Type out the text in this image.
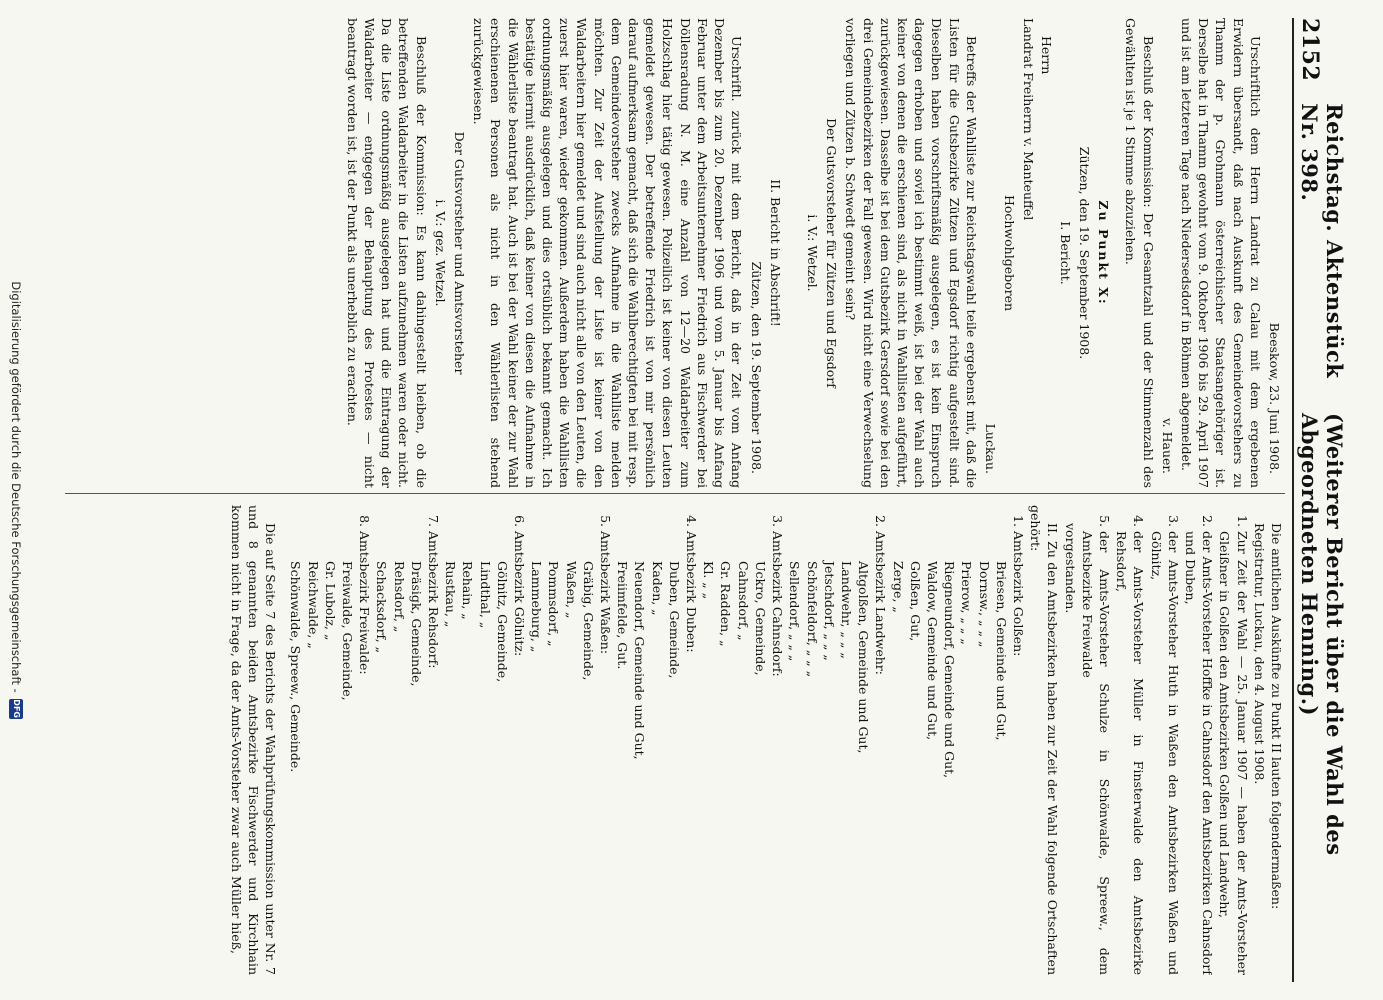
2152
Reichstag. Aktenstück Nr. 398.
(Weiterer Bericht über die Wahl des Abgeordneten Henning.)
Beeskow, 23. Juni 1908.
Urschriftlich dem Herrn Landrat zu Calau mit dem ergebenen Erwidern übersandt, daß nach Auskunft des Gemeindevorstehers zu Thamm der p. Grohmann österreichischer Staatsangehöriger ist. Derselbe hat in Thamm gewohnt vom 9. Oktober 1906 bis 29. April 1907 und ist am letzteren Tage nach Niedersedsdorf in Böhmen abgemeldet.
v. Hauer.
Beschluß der Kommission: Der Gesamtzahl und der Stimmenzahl des Gewählten ist je 1 Stimme abzuziehen.
Zu Punkt X:
Zützen, den 19. September 1908.
I. Bericht.
Herrn
Landrat Freiherrn v. Manteuffel
Hochwohlgeboren
Luckau.
Betreffs der Wahlliste zur Reichstagswahl teile ergebenst mit, daß die Listen für die Gutsbezirke Zützen und Egsdorf richtig aufgestellt sind. Dieselben haben vorschriftsmäßig ausgelegen, es ist kein Einspruch dagegen erhoben und soviel ich bestimmt weiß, ist bei der Wahl auch keiner von denen die erschienen sind, als nicht in Wahllisten aufgeführt, zurückgewiesen. Dasselbe ist bei dem Gutsbezirk Gersdorf sowie bei den drei Gemeindebezirken der Fall gewesen. Wird nicht eine Verwechselung vorliegen und Zützen b. Schwedt gemeint sein?
Der Gutsvorsteher für Zützen und Egsdorf
i. V.: Wetzel.
II. Bericht in Abschrift!
Zützen, den 19. September 1908.
Urschriftl. zurück mit dem Bericht, daß in der Zeit vom Anfang Dezember bis zum 20. Dezember 1906 und vom 5. Januar bis Anfang Februar unter dem Arbeitsunternehmer Friedrich aus Fischwerder bei Döllensradung N. M. eine Anzahl von 12—20 Waldarbeiter zum Holzschlag hier tätig gewesen. Polizeilich ist keiner von diesen Leuten gemeldet gewesen. Der betreffende Friedrich ist von mir persönlich darauf aufmerksam gemacht, daß sich die Wahlberechtigten bei mit resp. dem Gemeindevorsteher zwecks Aufnahme in die Wahlliste melden möchten. Zur Zeit der Aufstellung der Liste ist keiner von den Waldarbeitern hier gemeldet und sind auch nicht alle von den Leuten, die zuerst hier waren, wieder gekommen. Außerdem haben die Wahllisten ordnungsmäßig ausgelegen und dies ortsüblich bekannt gemacht. Ich bestätige hiermit ausdrücklich, daß keiner von diesen die Aufnahme in die Wählerliste beantragt hat. Auch ist bei der Wahl keiner der zur Wahl erschienenen Personen als nicht in den Wählerlisten stehend zurückgewiesen.
Der Gutsvorsteher und Amtsvorsteher
i. V.: gez. Wetzel.
Beschluß der Kommission: Es kann dahingestellt bleiben, ob die betreffenden Waldarbeiter in die Listen aufzunehmen waren oder nicht. Da die Liste ordnungsmäßig ausgelegen hat und die Eintragung der Waldarbeiter — entgegen der Behauptung des Protestes — nicht beantragt worden ist, ist der Punkt als unerheblich zu erachten.

Die amtlichen Auskünfte zu Punkt II lauten folgendermaßen:

Registratur, Luckau, den 4. August 1908.

1. Zur Zeit der Wahl — 25. Januar 1907 — haben der Amts-Vorsteher Gleißner in Golßen den Amtsbezirken Golßen und Landwehr,
2. der Amts-Vorsteher Hoffke in Cahnsdorf den Amtsbezirken Cahnsdorf und Duben,
3. der Amts-Vorsteher Huth in Waßen den Amtsbezirken Waßen und Gölnitz,
4. der Amts-Vorsteher Müller in Finsterwalde den Amtsbezirke Rehsdorf,
5. der Amts-Vorsteher Schulze in Schönwalde, Spreew., dem Amtsbezirke Freiwalde
vorgestanden.

II. Zu den Amtsbezirken haben zur Zeit der Wahl folgende Ortschaften gehört:

1. Amtsbezirk Golßen:
Briesen, Gemeinde und Gut,
Dornsw., „ „ „
Prierow, „ „ „
Riegneundorf, Gemeinde und Gut,
Waldow, Gemeinde und Gut,
Golßen, Gut,
Zerge, „
2. Amtsbezirk Landwehr:
Altgolßen, Gemeinde und Gut,
Landwehr, „ „ „
Jetschdorf, „ „ „
Schönfeldorf, „ „ „
Sellendorf, „ „ „
3. Amtsbezirk Cahnsdorf:
Uckro, Gemeinde,
Cahnsdorf, „
Gr. Radden, „
Kl. „ „
4. Amtsbezirk Duben:
Duben, Gemeinde,
Kaden, „
Neuendorf, Gemeinde und Gut,
Freiimfelde, Gut.
5. Amtsbezirk Waßen:
Gräbig, Gemeinde,
Waßen, „
Pommsdorf, „
Lammeburg, „
6. Amtsbezirk Gölnitz:
Gölnitz, Gemeinde,
Lindthal, „
Rehain, „
Rustkau, „
7. Amtsbezirk Rehsdorf:
Dräsigk, Gemeinde,
Rehsdorf, „
Schacksdorf, „
8. Amtsbezirk Freiwalde:
Freiwalde, Gemeinde,
Gr. Lubolz, „
Reichwalde, „
Schönwalde, Spreew., Gemeinde.

Die auf Seite 7 des Berichts der Wahlprüfungskommission unter Nr. 7 und 8 genannten beiden Amtsbezirke Fischwerder und Kirchhain kommen nicht in Frage, da der Amts-Vorsteher zwar auch Müller hieß,

Digitalisierung gefördert durch die Deutsche Forschungsgemeinschaft -
DFG
